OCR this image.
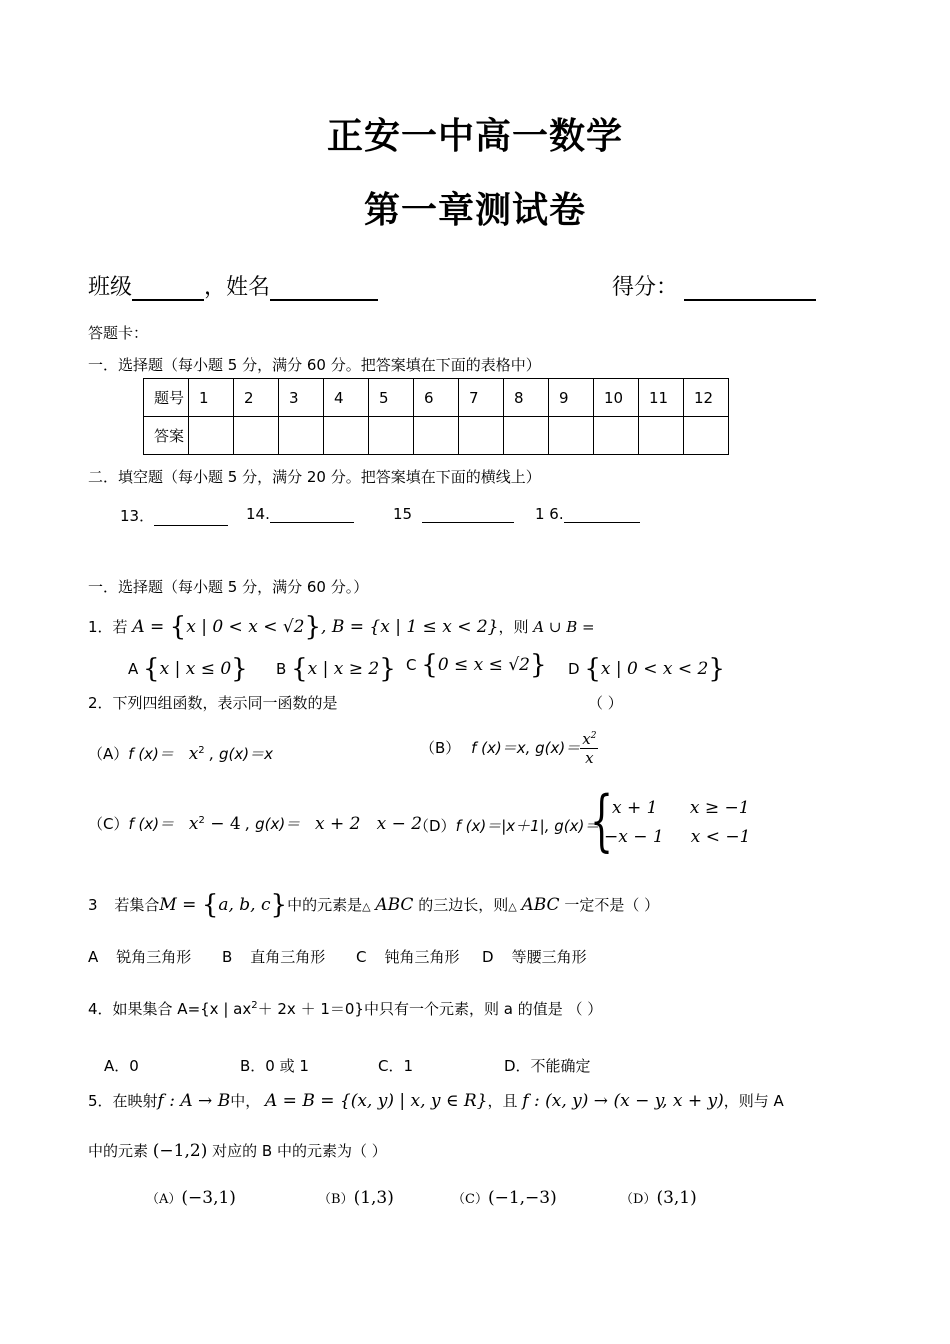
正安一中高一数学
第一章测试卷
班级	，姓名	得分：
答题卡：
一．选择题（每小题 5 分，满分 60 分。把答案填在下面的表格中）
题号	1	2	3	4	5	6	7	8	9	10	11	12
答案												
二．填空题（每小题 5 分，满分 20 分。把答案填在下面的横线上）
13．	14.	15	1 6.
一．选择题（每小题 5 分，满分 60 分。）
1．若 A = {x | 0 < x < √2}, B = {x | 1 ≤ x < 2}，则 A ∪ B =
A {x | x ≤ 0} B {x | x ≥ 2} C {0 ≤ x ≤ √2} D {x | 0 < x < 2}
2．下列四组函数，表示同一函数的是	（ ）
（A）f $(x)= x^2$ , g(x)＝x	（B） f (x)＝x, $g(x)= \frac{x^2}{x}$
（C）f $(x)= x^2 - 4$ , g(x)＝ x + 2   x − 2
（D）f (x)＝|x＋1|, g(x)＝
{
x + 1      x ≥ −1
−x − 1     x < −1
3 若集合M = {a, b, c}中的元素是△ ABC 的三边长，则△ ABC 一定不是（ ）
A 锐角三角形 B 直角三角形 C 钝角三角形 D 等腰三角形
4．如果集合 A={x | $ax^2+ 2x + 1=0$}中只有一个元素，则 a 的值是 （ ）
A．0	B．0 或 1	C．1	D．不能确定
5．在映射f : A → B中， A = B = {(x, y) | x, y ∈ R}，且 f : (x, y) → (x − y, x + y)，则与 A
中的元素 (−1,2) 对应的 B 中的元素为（ ）
（A）(−3,1)	（B）(1,3)	（C）(−1,−3)	（D）(3,1)
